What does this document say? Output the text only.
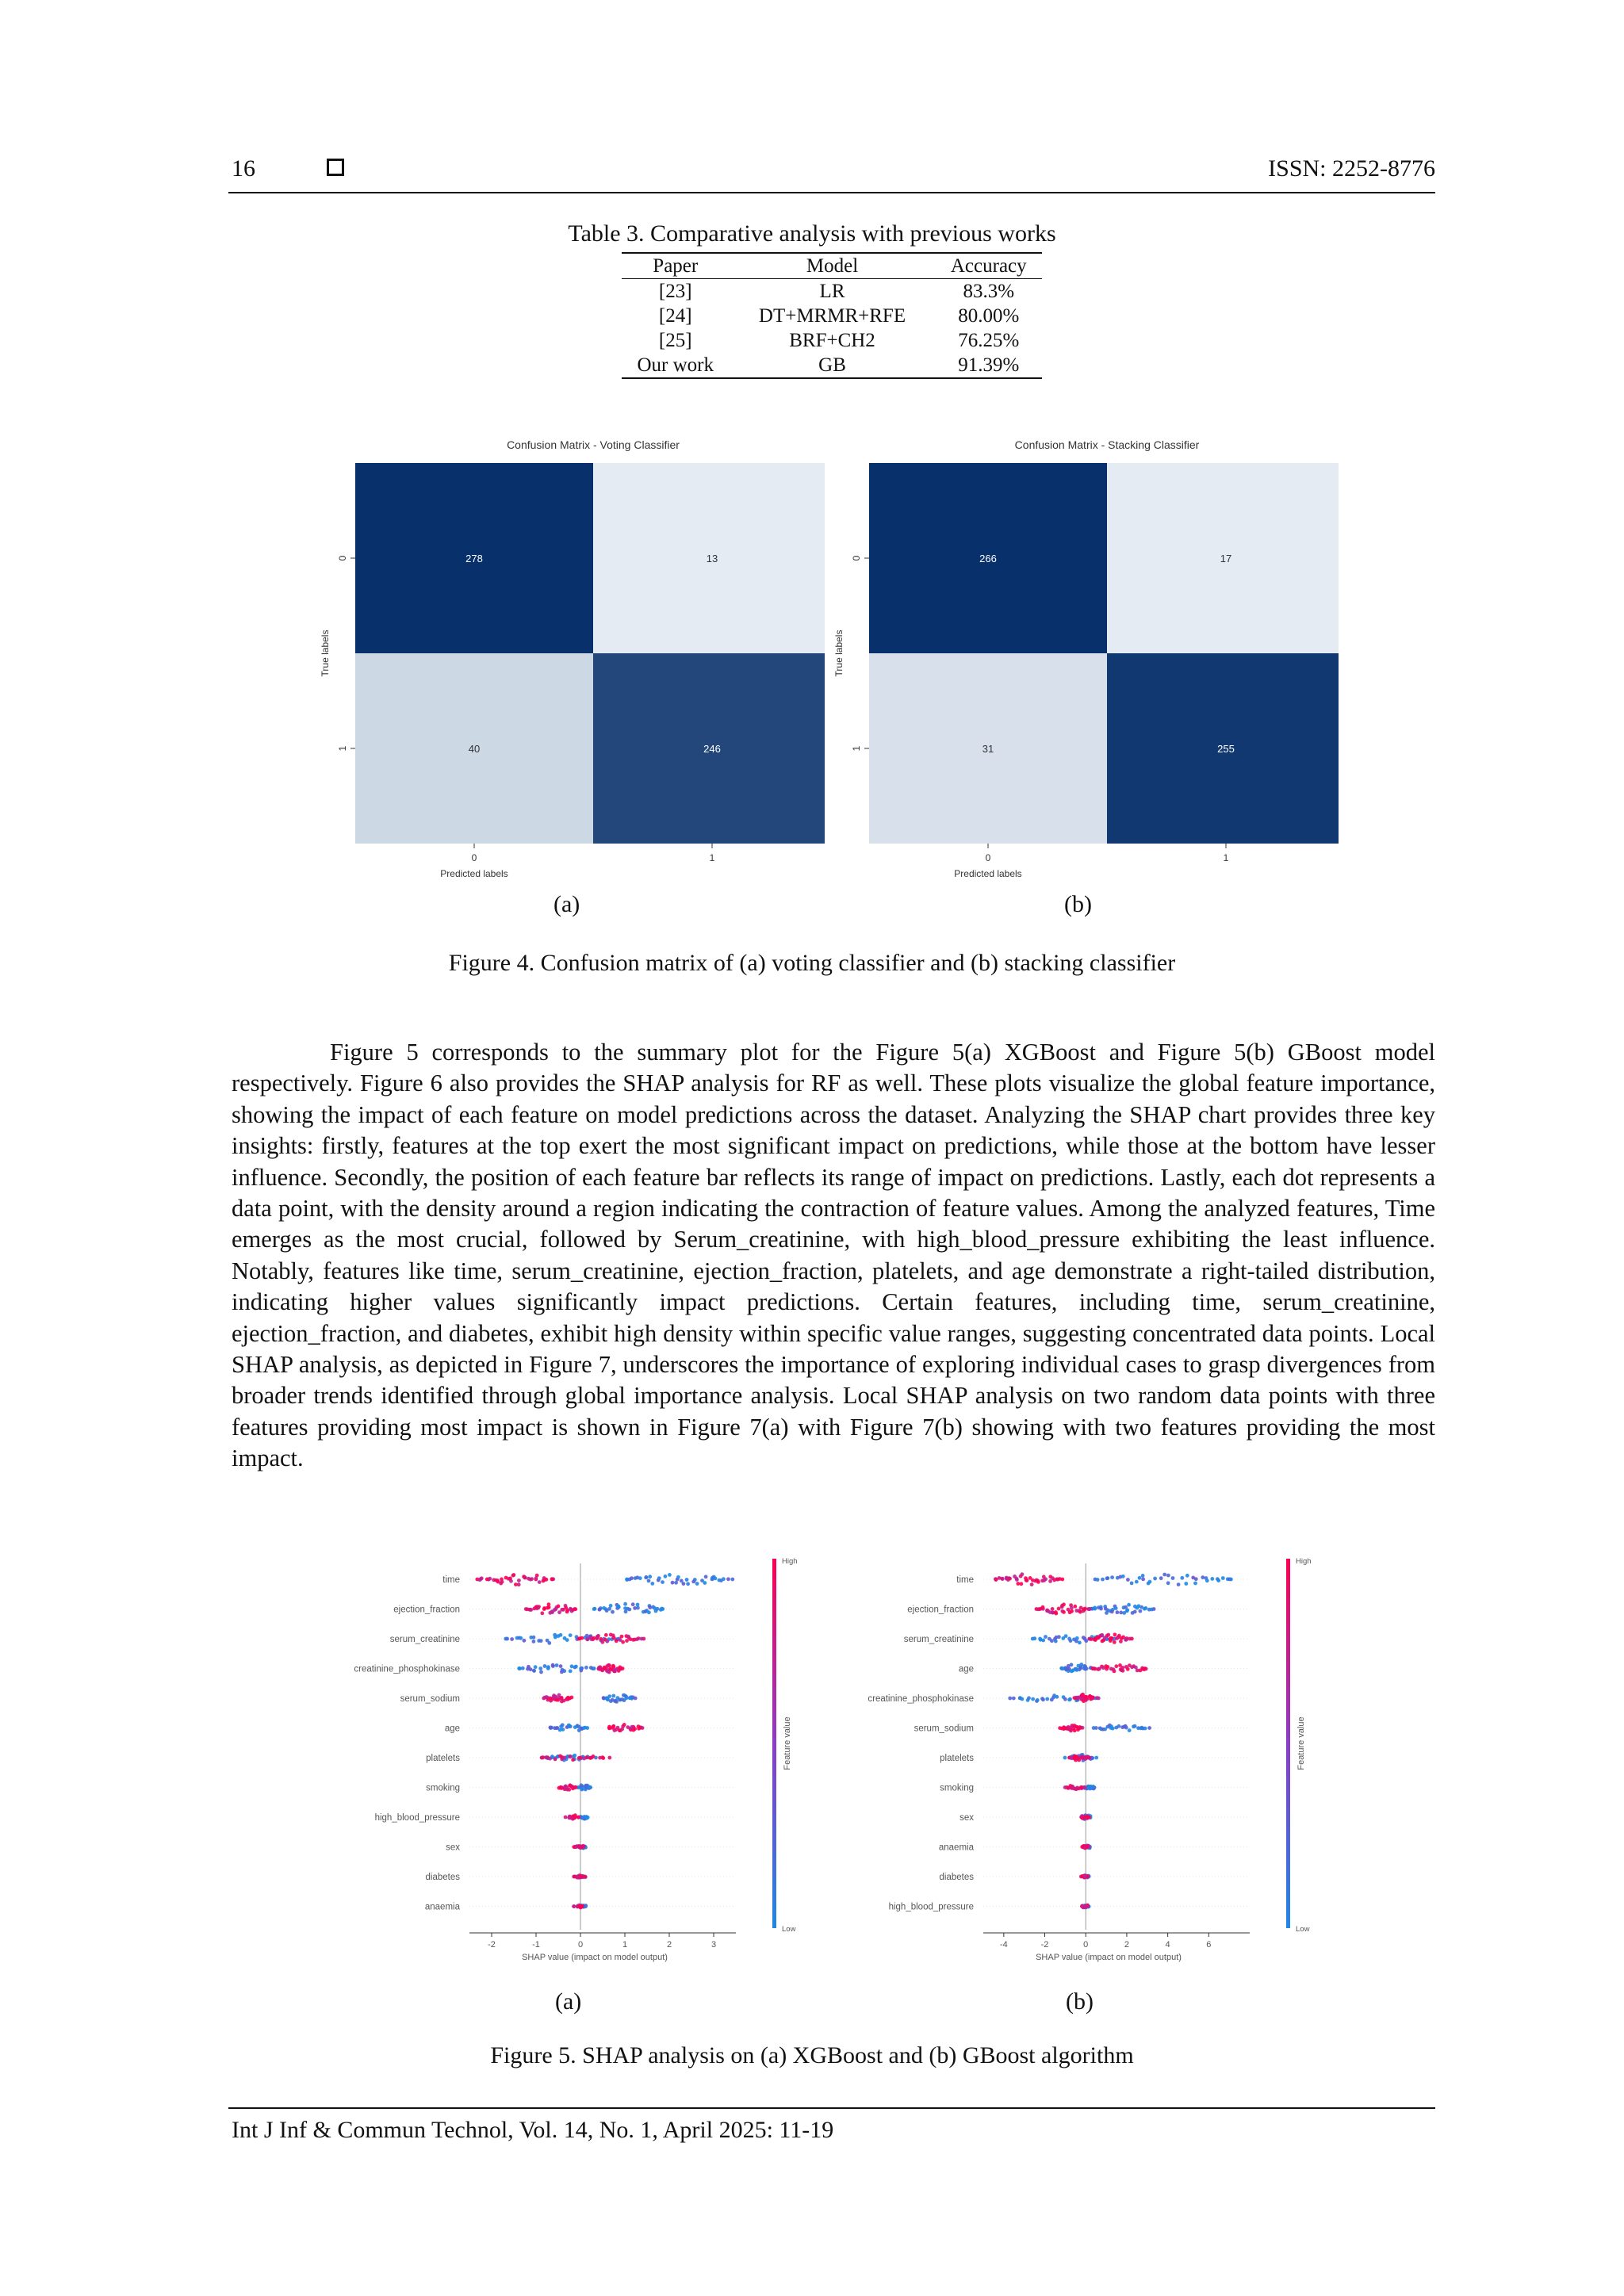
16	ISSN: 2252-8776
Table 3. Comparative analysis with previous works
Paper	Model	Accuracy
[23]	LR	83.3%
[24]	DT+MRMR+RFE	80.00%
[25]	BRF+CH2	76.25%
Our work	GB	91.39%
Confusion Matrix - Voting Classifier
278	13
40	246
0
1
0	1
Predicted labels
True labels
Confusion Matrix - Stacking Classifier
266	17
31	255
0
1
0	1
Predicted labels
True labels
(a)	(b)
Figure 4. Confusion matrix of (a) voting classifier and (b) stacking classifier
Figure 5 corresponds to the summary plot for the Figure 5(a) XGBoost and Figure 5(b) GBoost model respectively. Figure 6 also provides the SHAP analysis for RF as well. These plots visualize the global feature importance, showing the impact of each feature on model predictions across the dataset. Analyzing the SHAP chart provides three key insights: firstly, features at the top exert the most significant impact on predictions, while those at the bottom have lesser influence. Secondly, the position of each feature bar reflects its range of impact on predictions. Lastly, each dot represents a data point, with the density around a region indicating the contraction of feature values. Among the analyzed features, Time emerges as the most crucial, followed by Serum_creatinine, with high_blood_pressure exhibiting the least influence. Notably, features like time, serum_creatinine, ejection_fraction, platelets, and age demonstrate a right-tailed distribution, indicating higher values significantly impact predictions. Certain features, including time, serum_creatinine, ejection_fraction, and diabetes, exhibit high density within specific value ranges, suggesting concentrated data points. Local SHAP analysis, as depicted in Figure 7, underscores the importance of exploring individual cases to grasp divergences from broader trends identified through global importance analysis. Local SHAP analysis on two random data points with three features providing most impact is shown in Figure 7(a) with Figure 7(b) showing with two features providing the most impact.
time
ejection_fraction
serum_creatinine
creatinine_phosphokinase
serum_sodium
age
platelets
smoking
high_blood_pressure
sex
diabetes
anaemia
-2	-1	0	1	2	3
SHAP value (impact on model output)
High
Low
Feature value
time
ejection_fraction
serum_creatinine
age
creatinine_phosphokinase
serum_sodium
platelets
smoking
sex
anaemia
diabetes
high_blood_pressure
-4	-2	0	2	4	6
SHAP value (impact on model output)
High
Low
Feature value
(a)	(b)
Figure 5. SHAP analysis on (a) XGBoost and (b) GBoost algorithm
Int J Inf & Commun Technol, Vol. 14, No. 1, April 2025: 11-19
